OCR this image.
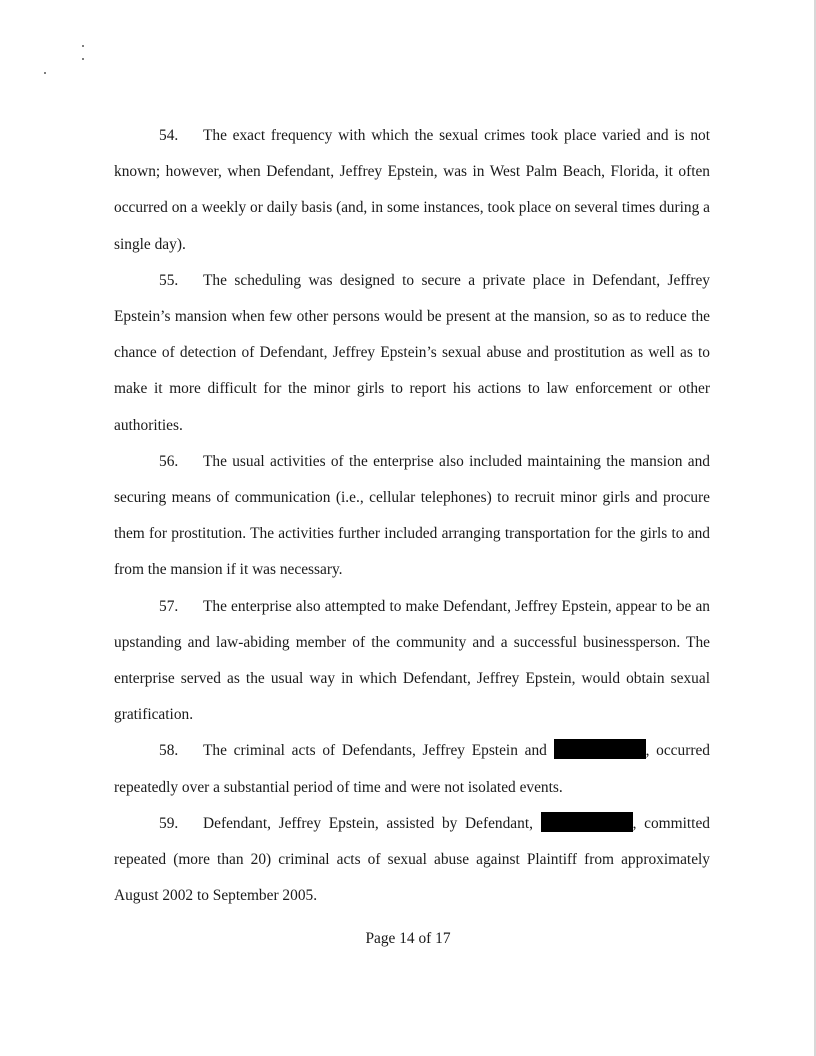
54. The exact frequency with which the sexual crimes took place varied and is not known; however, when Defendant, Jeffrey Epstein, was in West Palm Beach, Florida, it often occurred on a weekly or daily basis (and, in some instances, took place on several times during a single day).

55. The scheduling was designed to secure a private place in Defendant, Jeffrey Epstein’s mansion when few other persons would be present at the mansion, so as to reduce the chance of detection of Defendant, Jeffrey Epstein’s sexual abuse and prostitution as well as to make it more difficult for the minor girls to report his actions to law enforcement or other authorities.

56. The usual activities of the enterprise also included maintaining the mansion and securing means of communication (i.e., cellular telephones) to recruit minor girls and procure them for prostitution. The activities further included arranging transportation for the girls to and from the mansion if it was necessary.

57. The enterprise also attempted to make Defendant, Jeffrey Epstein, appear to be an upstanding and law-abiding member of the community and a successful businessperson. The enterprise served as the usual way in which Defendant, Jeffrey Epstein, would obtain sexual gratification.

58. The criminal acts of Defendants, Jeffrey Epstein and	, occurred repeatedly over a substantial period of time and were not isolated events.

59. Defendant, Jeffrey Epstein, assisted by Defendant,	, committed repeated (more than 20) criminal acts of sexual abuse against Plaintiff from approximately August 2002 to September 2005.

Page 14 of 17
